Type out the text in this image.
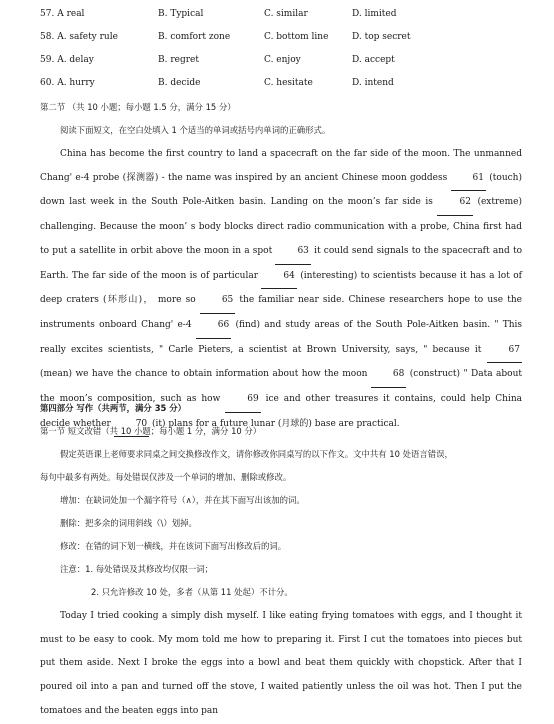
57. A real	B. Typical	C. similar	D. limited
58. A. safety rule	B. comfort zone	C. bottom line	D. top secret
59. A. delay	B. regret	C. enjoy	D. accept
60. A. hurry	B. decide	C. hesitate	D. intend
第二节 （共 10 小题；每小题 1.5 分，满分 15 分）
阅读下面短文，在空白处填入 1 个适当的单词或括号内单词的正确形式。

China has become the first country to land a spacecraft on the far side of the moon. The unmanned Chang' e-4 probe (探测器) - the name was inspired by an ancient Chinese moon goddess	61 (touch) down last week in the South Pole-Aitken basin. Landing on the moon’s far side is	62 (extreme) challenging. Because the moon’ s body blocks direct radio communication with a probe, China first had to put a satellite in orbit above the moon in a spot	63 it could send signals to the spacecraft and to Earth. The far side of the moon is of particular	64 (interesting) to scientists because it has a lot of deep craters (环形山)， more so	65 the familiar near side. Chinese researchers hope to use the instruments onboard Chang' e-4	66 (find) and study areas of the South Pole-Aitken basin. " This really excites scientists, " Carle Pieters, a scientist at Brown University, says, " because it	67 (mean) we have the chance to obtain information about how the moon	68 (construct) " Data about the moon’s composition, such as how	69 ice and other treasures it contains, could help China decide whether	70 (it) plans for a future lunar (月球的) base are practical.

第四部分 写作（共两节，满分 35 分）
第一节 短文改错（共 10 小题；每小题 1 分，满分 10 分）
假定英语课上老师要求同桌之间交换修改作文，请你修改你同桌写的以下作文。文中共有 10 处语言错误，
每句中最多有两处。每处错误仅涉及一个单词的增加、删除或修改。
增加：在缺词处加一个漏字符号（∧），并在其下面写出该加的词。
删除：把多余的词用斜线（\）划掉。
修改：在错的词下划一横线，并在该词下面写出修改后的词。
注意：1. 每处错误及其修改均仅限一词；
2. 只允许修改 10 处，多者（从第 11 处起）不计分。

Today I tried cooking a simply dish myself. I like eating frying tomatoes with eggs, and I thought it must to be easy to cook. My mom told me how to preparing it. First I cut the tomatoes into pieces but put them aside. Next I broke the eggs into a bowl and beat them quickly with chopstick. After that I poured oil into a pan and turned off the stove, I waited patiently unless the oil was hot. Then I put the tomatoes and the beaten eggs into pan
